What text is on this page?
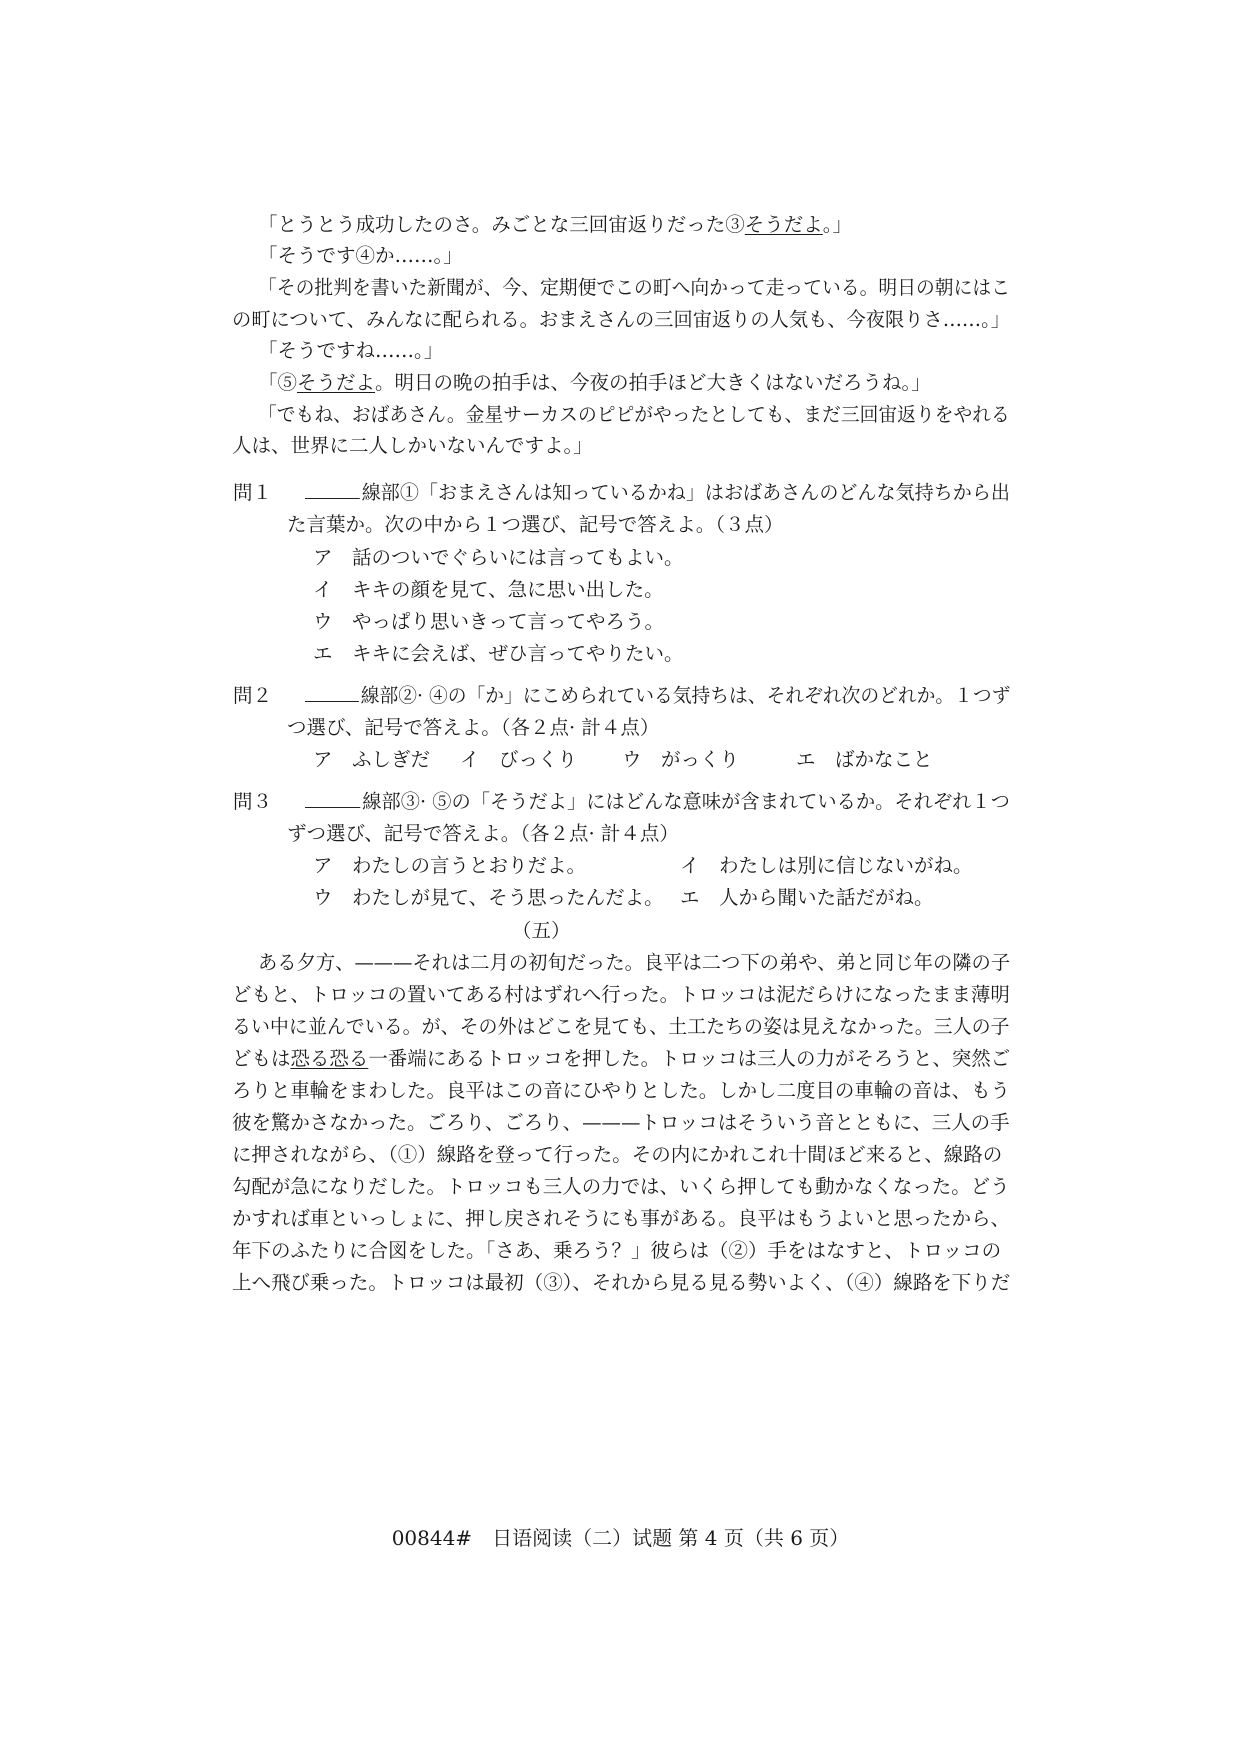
「とうとう成功したのさ。みごとな三回宙返りだった③そうだよ。」
「そうです④か……。」
「その批判を書いた新聞が、今、定期便でこの町へ向かって走っている。明日の朝にはこ
の町について、みんなに配られる。おまえさんの三回宙返りの人気も、今夜限りさ……。」
「そうですね……。」
「⑤そうだよ。明日の晩の拍手は、今夜の拍手ほど大きくはないだろうね。」
「でもね、おばあさん。金星サーカスのピピがやったとしても、まだ三回宙返りをやれる
人は、世界に二人しかいないんですよ。」
問１	線部①「おまえさんは知っているかね」はおばあさんのどんな気持ちから出
た言葉か。次の中から１つ選び、記号で答えよ。（３点）
ア　 話のついでぐらいには言ってもよい。
イ　 キキの顔を見て、急に思い出した。
ウ　 やっぱり思いきって言ってやろう。
エ　 キキに会えば、ぜひ言ってやりたい。
問２	線部②· ④の「か」にこめられている気持ちは、それぞれ次のどれか。１つず
つ選び、記号で答えよ。（各２点· 計４点）
ア　 ふしぎだ イ　 びっくり ウ　 がっくり	エ　 ばかなこと
問３	線部③· ⑤の「そうだよ」にはどんな意味が含まれているか。それぞれ１つ
ずつ選び、記号で答えよ。（各２点· 計４点）
ア　 わたしの言うとおりだよ。	イ　 わたしは別に信じないがね。
ウ　 わたしが見て、そう思ったんだよ。 エ　 人から聞いた話だがね。
（五）
ある夕方、———それは二月の初旬だった。良平は二つ下の弟や、弟と同じ年の隣の子
どもと、トロッコの置いてある村はずれへ行った。トロッコは泥だらけになったまま薄明
るい中に並んでいる。が、その外はどこを見ても、土工たちの姿は見えなかった。三人の子
どもは恐る恐る一番端にあるトロッコを押した。トロッコは三人の力がそろうと、突然ご
ろりと車輪をまわした。良平はこの音にひやりとした。しかし二度目の車輪の音は、もう
彼を驚かさなかった。ごろり、ごろり、———トロッコはそういう音とともに、三人の手
に押されながら、（①）線路を登って行った。その内にかれこれ十間ほど来ると、線路の
勾配が急になりだした。トロッコも三人の力では、いくら押しても動かなくなった。どう
かすれば車といっしょに、押し戻されそうにも事がある。良平はもうよいと思ったから、
年下のふたりに合図をした。「さあ、乗ろう？」彼らは（②）手をはなすと、トロッコの
上へ飛び乗った。トロッコは最初（③）、それから見る見る勢いよく、（④）線路を下りだ
00844#　日语阅读（二）试题 第 4 页（共 6 页）
